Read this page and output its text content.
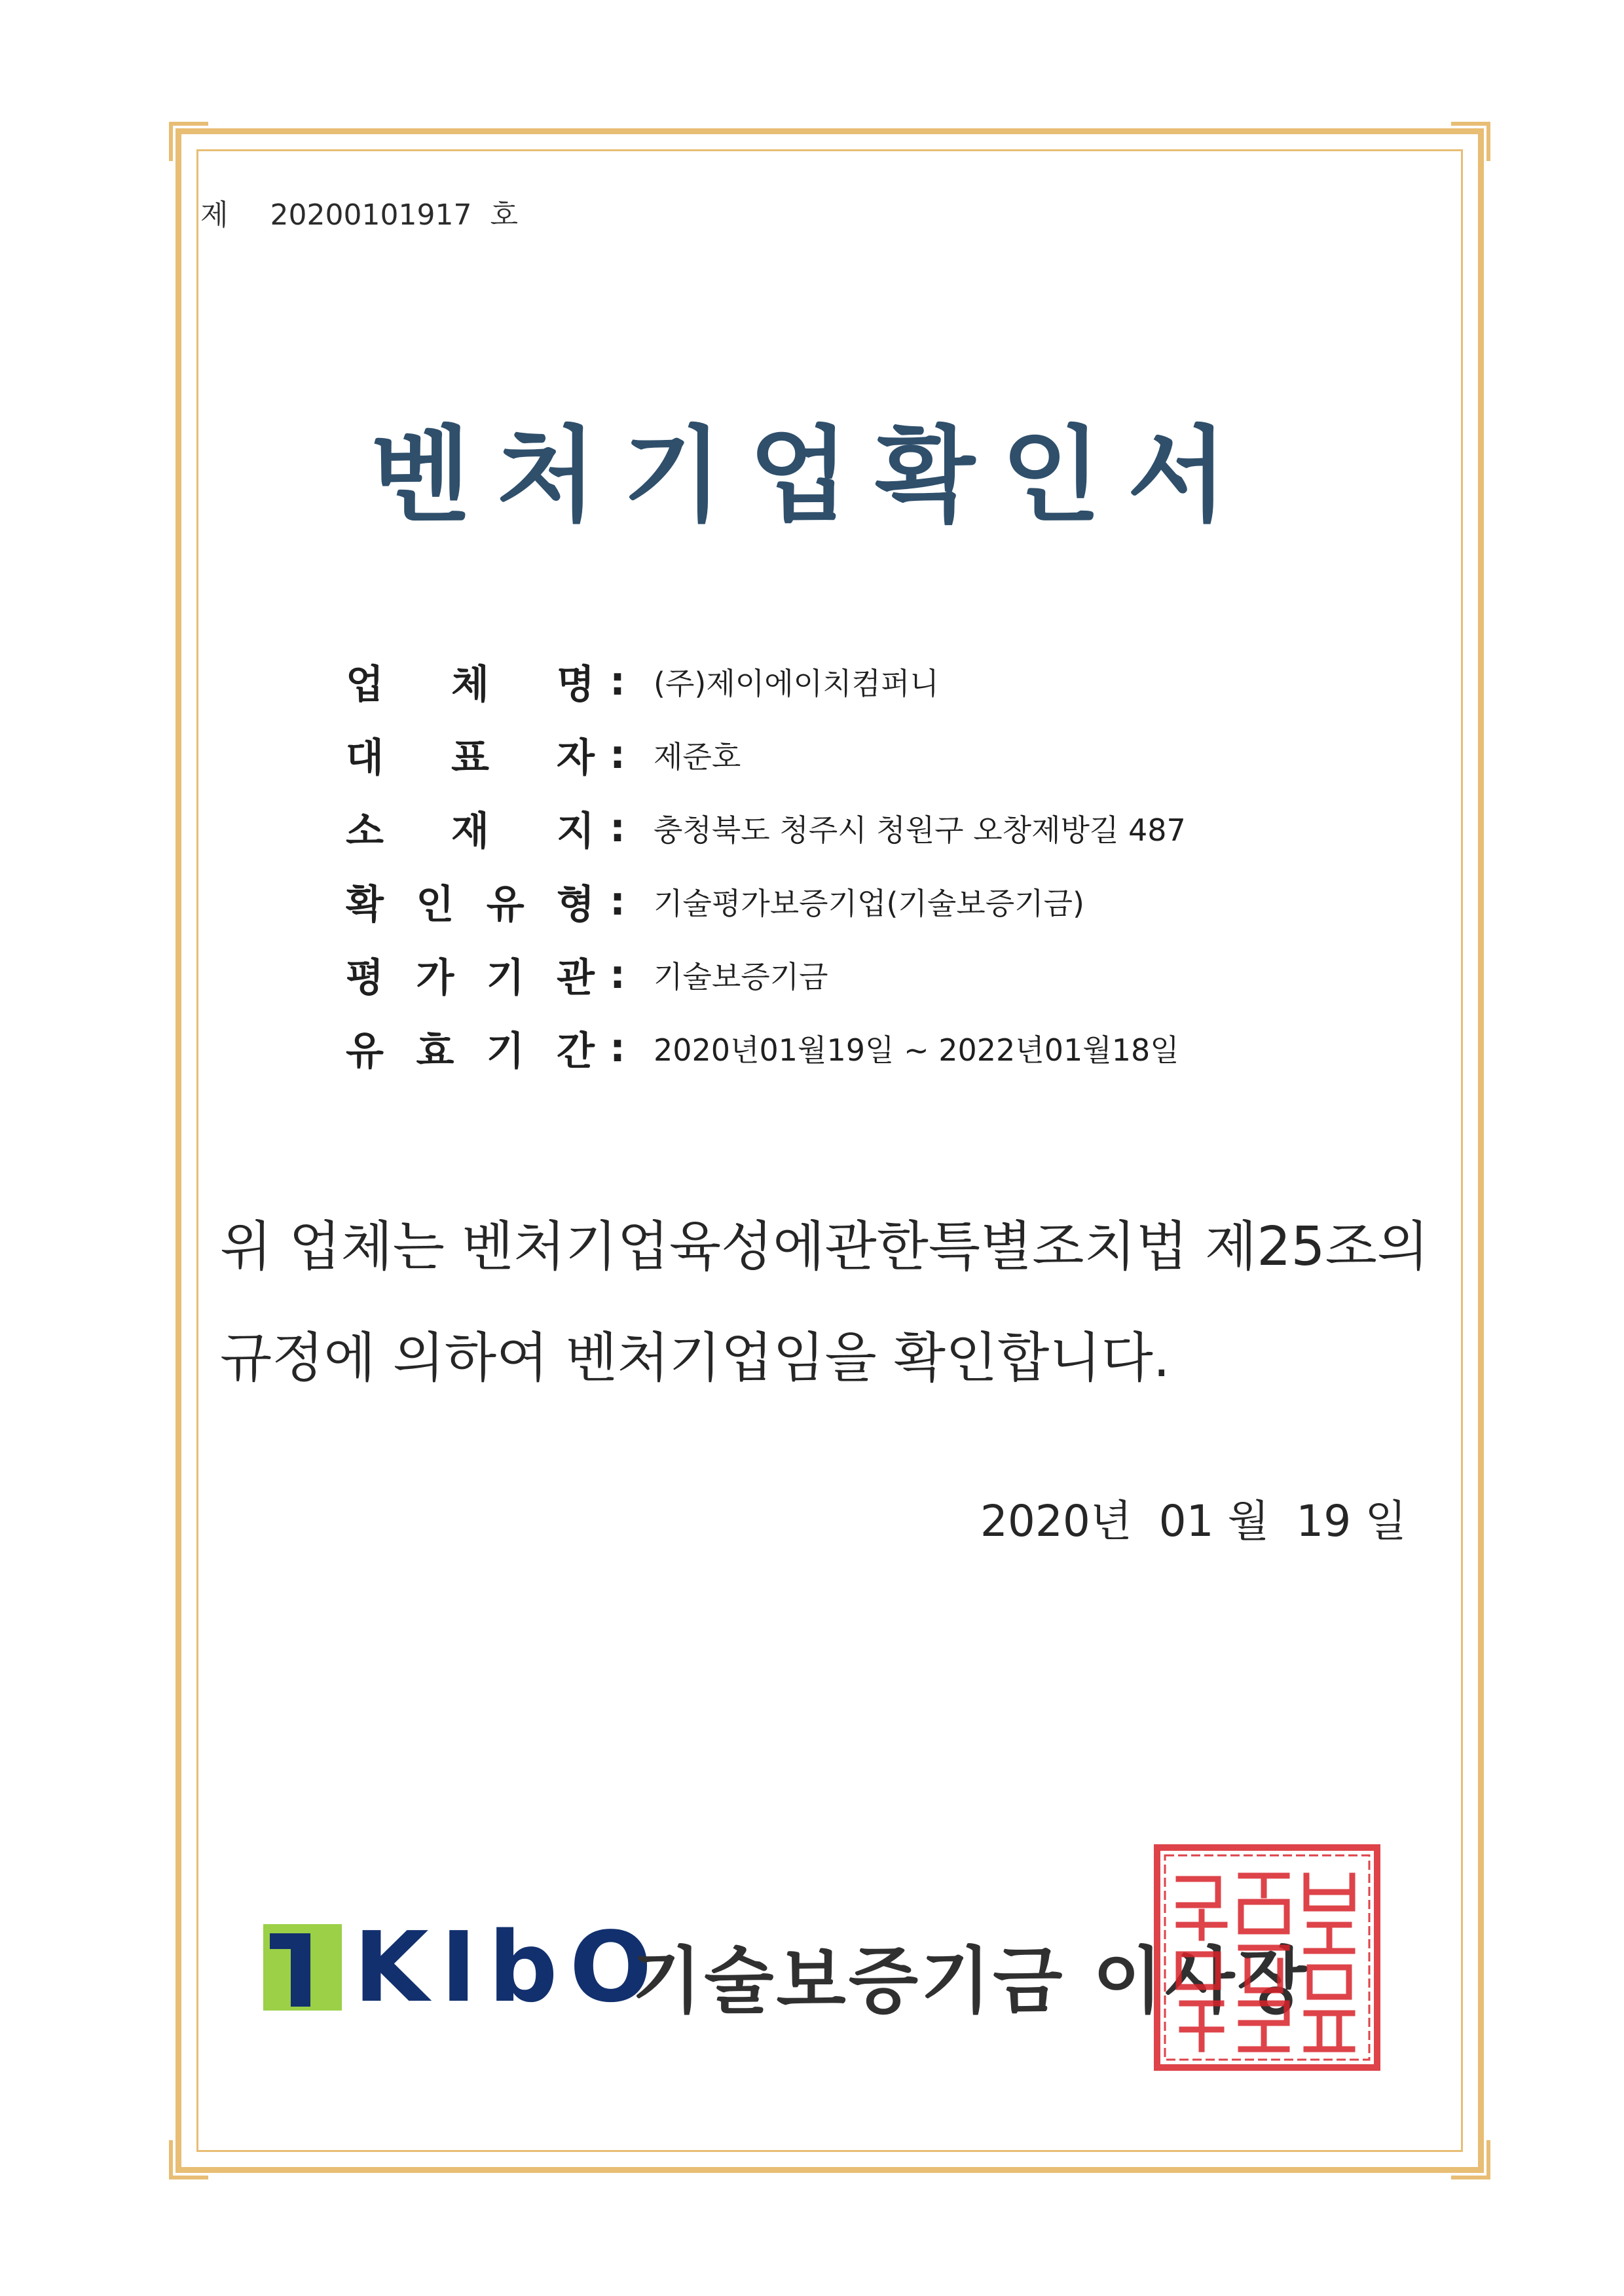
제 20200101917 호
벤처기업확인서
업 체 명 : (주)제이에이치컴퍼니
대 표 자 : 제준호
소 재 지 : 충청북도 청주시 청원구 오창제방길 487
확 인 유 형 : 기술평가보증기업(기술보증기금)
평 가 기 관 : 기술보증기금
유 효 기 간 : 2020년01월19일 ~ 2022년01월18일
위 업체는 벤처기업육성에관한특별조치법 제25조의
규정에 의하여 벤처기업임을 확인합니다.
2020년 01 월 19 일
KIbO
기술보증기금 이사장
